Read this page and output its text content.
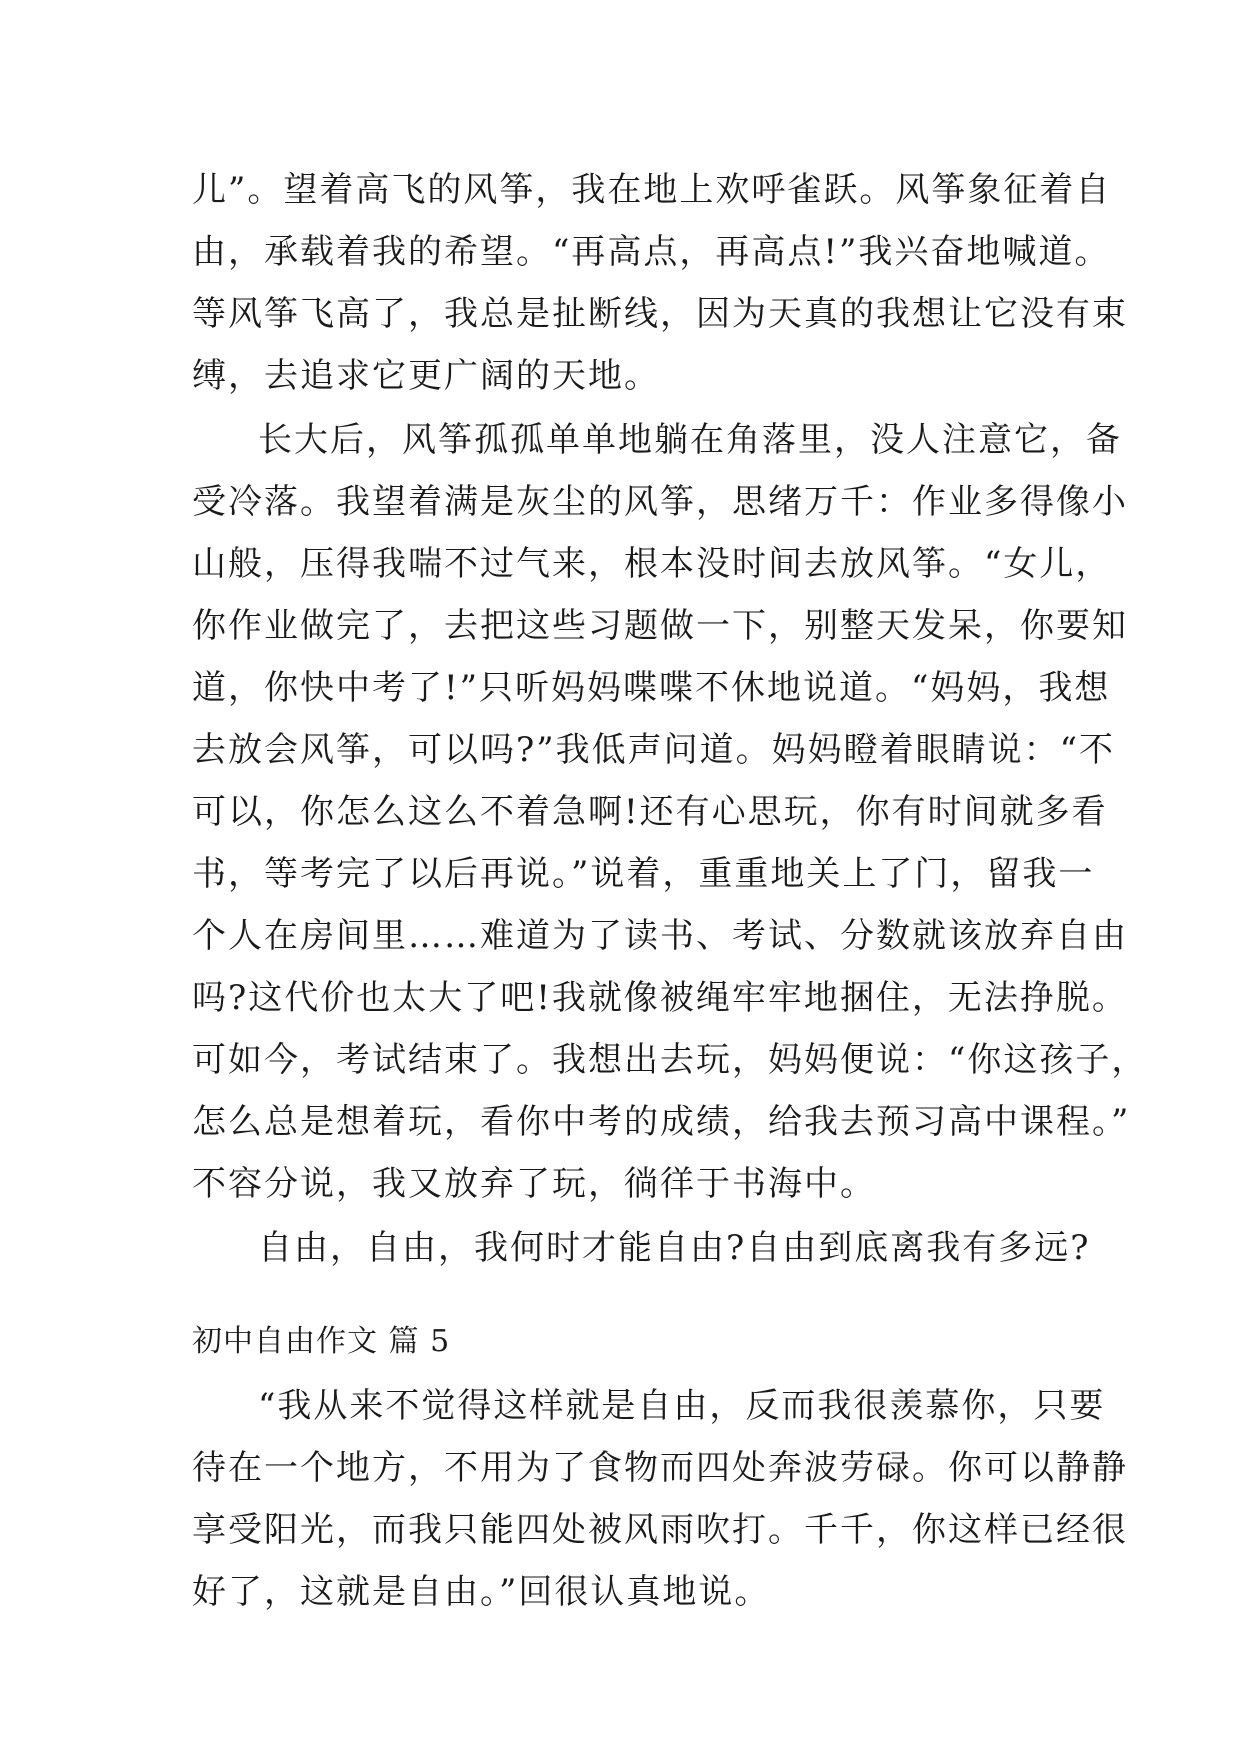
儿”。望着高飞的风筝，我在地上欢呼雀跃。风筝象征着自
由，承载着我的希望。“再高点，再高点!”我兴奋地喊道。
等风筝飞高了，我总是扯断线，因为天真的我想让它没有束
缚，去追求它更广阔的天地。
长大后，风筝孤孤单单地躺在角落里，没人注意它，备
受冷落。我望着满是灰尘的风筝，思绪万千：作业多得像小
山般，压得我喘不过气来，根本没时间去放风筝。“女儿，
你作业做完了，去把这些习题做一下，别整天发呆，你要知
道，你快中考了!”只听妈妈喋喋不休地说道。“妈妈，我想
去放会风筝，可以吗?”我低声问道。妈妈瞪着眼睛说：“不
可以，你怎么这么不着急啊!还有心思玩，你有时间就多看
书，等考完了以后再说。”说着，重重地关上了门，留我一
个人在房间里……难道为了读书、考试、分数就该放弃自由
吗?这代价也太大了吧!我就像被绳牢牢地捆住，无法挣脱。
可如今，考试结束了。我想出去玩，妈妈便说：“你这孩子，
怎么总是想着玩，看你中考的成绩，给我去预习高中课程。”
不容分说，我又放弃了玩，徜徉于书海中。
自由，自由，我何时才能自由?自由到底离我有多远?
初中自由作文 篇 5
“我从来不觉得这样就是自由，反而我很羡慕你，只要
待在一个地方，不用为了食物而四处奔波劳碌。你可以静静
享受阳光，而我只能四处被风雨吹打。千千，你这样已经很
好了，这就是自由。”回很认真地说。
